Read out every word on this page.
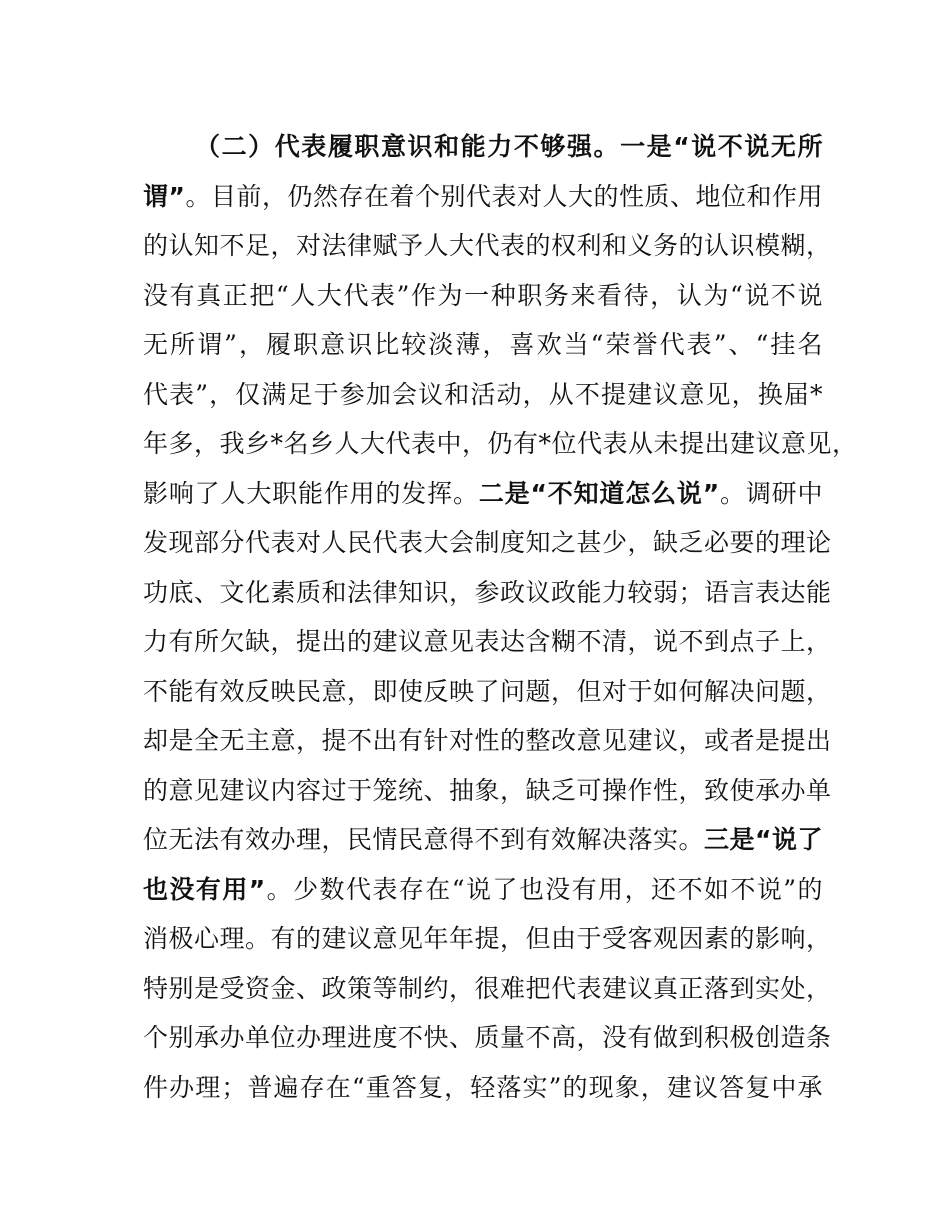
（二）代表履职意识和能力不够强。一是“说不说无所
谓”。目前，仍然存在着个别代表对人大的性质、地位和作用
的认知不足，对法律赋予人大代表的权利和义务的认识模糊，
没有真正把“人大代表”作为一种职务来看待，认为“说不说
无所谓”，履职意识比较淡薄，喜欢当“荣誉代表”、“挂名
代表”，仅满足于参加会议和活动，从不提建议意见，换届*
年多，我乡*名乡人大代表中，仍有*位代表从未提出建议意见，
影响了人大职能作用的发挥。二是“不知道怎么说”。调研中
发现部分代表对人民代表大会制度知之甚少，缺乏必要的理论
功底、文化素质和法律知识，参政议政能力较弱；语言表达能
力有所欠缺，提出的建议意见表达含糊不清，说不到点子上，
不能有效反映民意，即使反映了问题，但对于如何解决问题，
却是全无主意，提不出有针对性的整改意见建议，或者是提出
的意见建议内容过于笼统、抽象，缺乏可操作性，致使承办单
位无法有效办理，民情民意得不到有效解决落实。三是“说了
也没有用”。少数代表存在“说了也没有用，还不如不说”的
消极心理。有的建议意见年年提，但由于受客观因素的影响，
特别是受资金、政策等制约，很难把代表建议真正落到实处，
个别承办单位办理进度不快、质量不高，没有做到积极创造条
件办理；普遍存在“重答复，轻落实”的现象，建议答复中承
